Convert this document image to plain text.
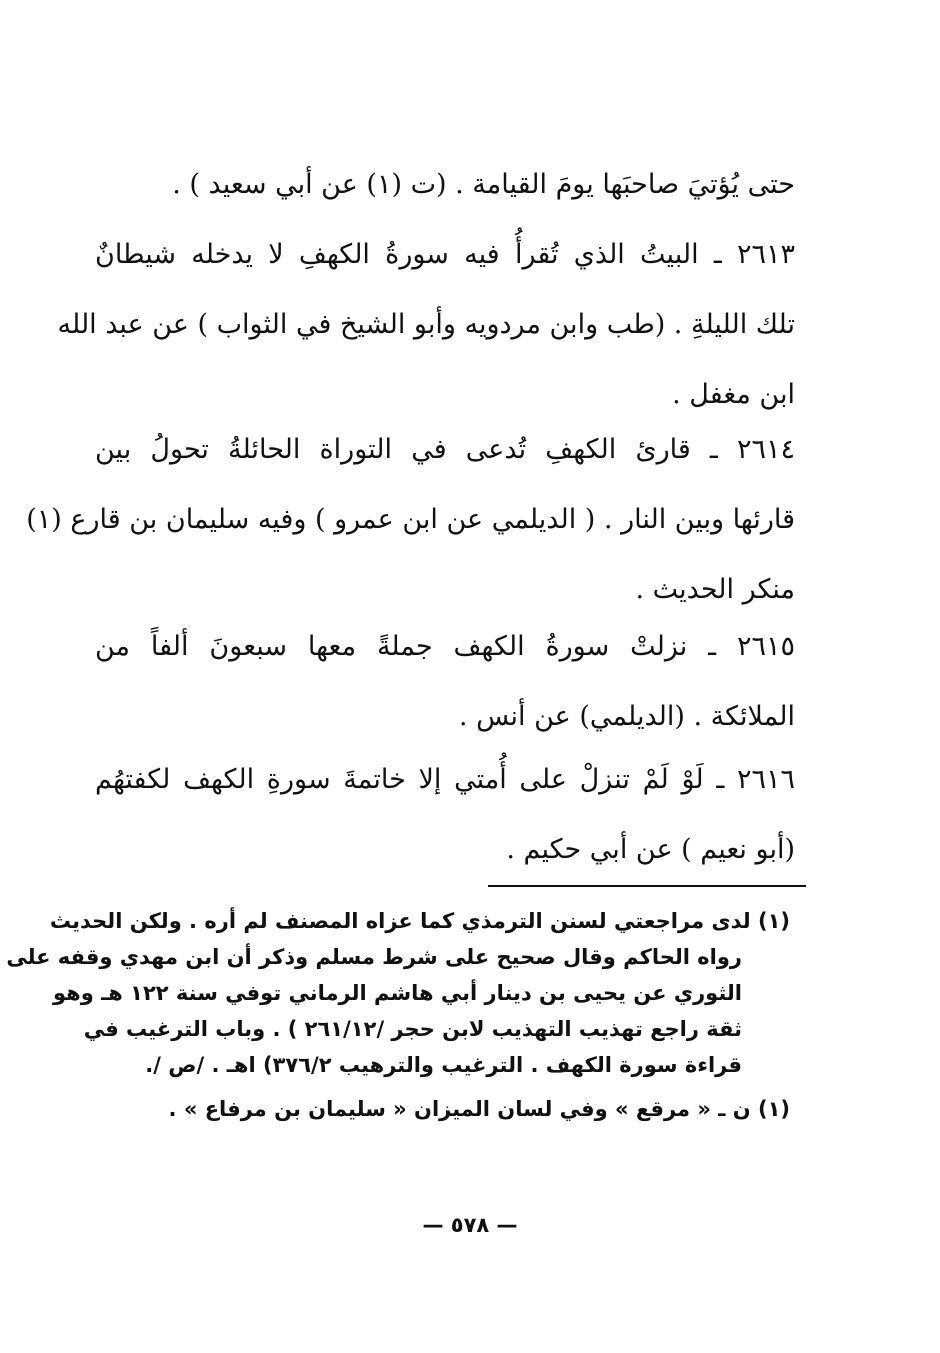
حتى يُؤتيَ صاحبَها يومَ القيامة . (ت (١) عن أبي سعيد ) .
٢٦١٣ ـ البيتُ الذي تُقرأُ فيه سورةُ الكهفِ لا يدخله شيطانٌ
تلك الليلةِ . (طب وابن مردويه وأبو الشيخ في الثواب ) عن عبد الله
ابن مغفل .
٢٦١٤ ـ قارئ الكهفِ تُدعى في التوراة الحائلةُ تحولُ بين
قارئها وبين النار . ( الديلمي عن ابن عمرو ) وفيه سليمان بن قارع (١)
منكر الحديث .
٢٦١٥ ـ نزلتْ سورةُ الكهف جملةً معها سبعونَ ألفاً من
الملائكة . (الديلمي) عن أنس .
٢٦١٦ ـ لَوْ لَمْ تنزلْ على أُمتي إلا خاتمةَ سورةِ الكهف لكفتهُم
(أبو نعيم ) عن أبي حكيم .
(١) لدى مراجعتي لسنن الترمذي كما عزاه المصنف لم أره . ولكن الحديث
رواه الحاكم وقال صحيح على شرط مسلم وذكر أن ابن مهدي وقفه على
الثوري عن يحيى بن دينار أبي هاشم الرماني توفي سنة ١٢٢ هـ وهو
ثقة راجع تهذيب التهذيب لابن حجر /٢٦١/١٢ ) . وباب الترغيب في
قراءة سورة الكهف . الترغيب والترهيب ٣٧٦/٢) اهـ . /ص /.
(١) ن ـ « مرقع » وفي لسان الميزان « سليمان بن مرفاع » .
— ٥٧٨ —
